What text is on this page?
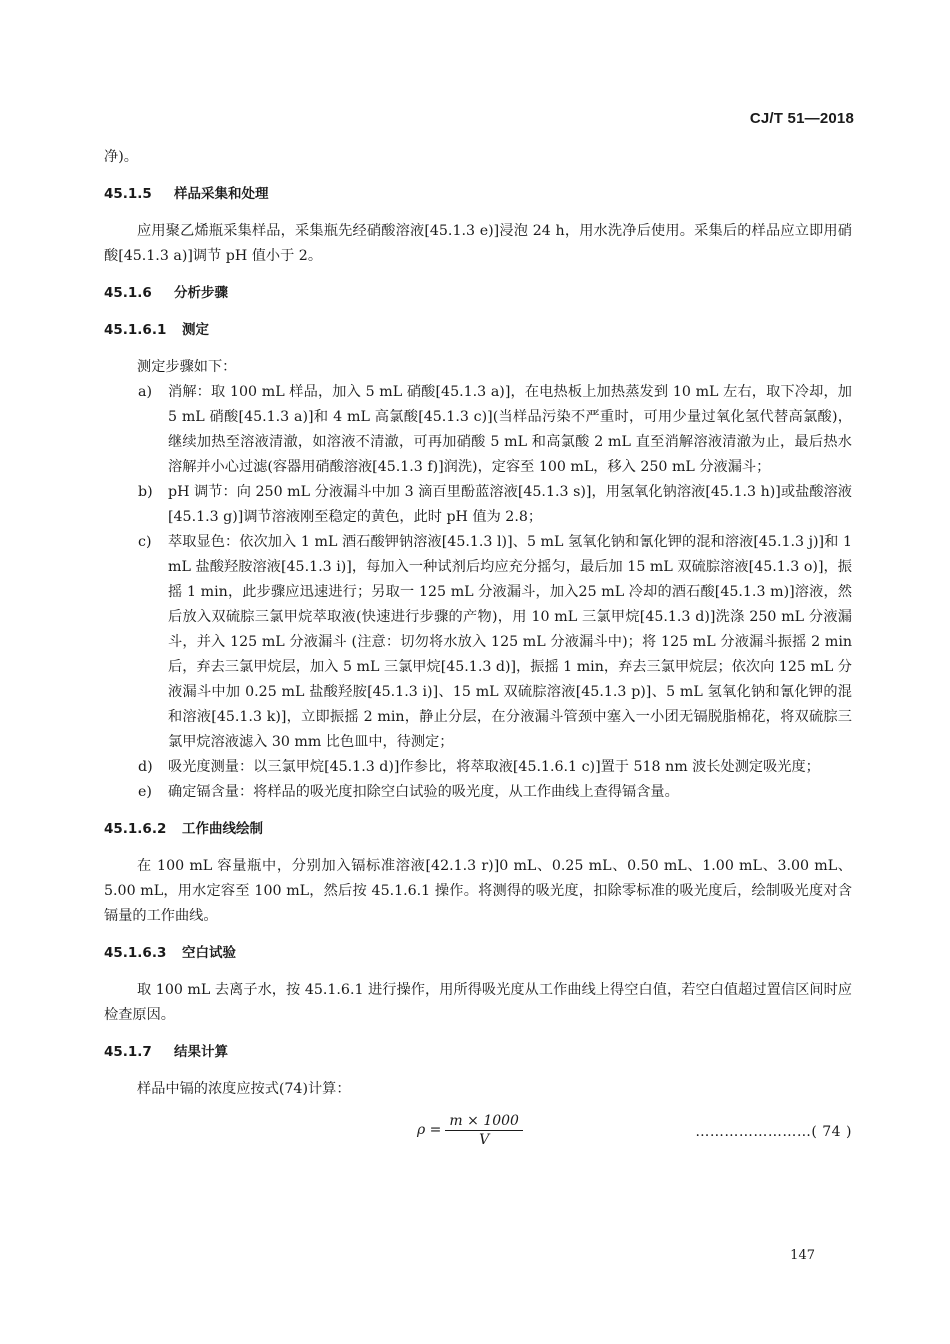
CJ/T 51—2018

净)。

45.1.5 样品采集和处理

应用聚乙烯瓶采集样品，采集瓶先经硝酸溶液[45.1.3 e)]浸泡 24 h，用水洗净后使用。采集后的样品应立即用硝酸[45.1.3 a)]调节 pH 值小于 2。

45.1.6 分析步骤

45.1.6.1 测定

测定步骤如下：

a) 消解：取 100 mL 样品，加入 5 mL 硝酸[45.1.3 a)]，在电热板上加热蒸发到 10 mL 左右，取下冷却，加 5 mL 硝酸[45.1.3 a)]和 4 mL 高氯酸[45.1.3 c)](当样品污染不严重时，可用少量过氧化氢代替高氯酸)，继续加热至溶液清澈，如溶液不清澈，可再加硝酸 5 mL 和高氯酸 2 mL 直至消解溶液清澈为止，最后热水溶解并小心过滤(容器用硝酸溶液[45.1.3 f)]润洗)，定容至 100 mL，移入 250 mL 分液漏斗；
b) pH 调节：向 250 mL 分液漏斗中加 3 滴百里酚蓝溶液[45.1.3 s)]，用氢氧化钠溶液[45.1.3 h)]或盐酸溶液[45.1.3 g)]调节溶液刚至稳定的黄色，此时 pH 值为 2.8；
c) 萃取显色：依次加入 1 mL 酒石酸钾钠溶液[45.1.3 l)]、5 mL 氢氧化钠和氰化钾的混和溶液[45.1.3 j)]和 1 mL 盐酸羟胺溶液[45.1.3 i)]，每加入一种试剂后均应充分摇匀，最后加 15 mL 双硫腙溶液[45.1.3 o)]，振摇 1 min，此步骤应迅速进行；另取一 125 mL 分液漏斗，加入25 mL 冷却的酒石酸[45.1.3 m)]溶液，然后放入双硫腙三氯甲烷萃取液(快速进行步骤的产物)，用 10 mL 三氯甲烷[45.1.3 d)]洗涤 250 mL 分液漏斗，并入 125 mL 分液漏斗 (注意：切勿将水放入 125 mL 分液漏斗中)；将 125 mL 分液漏斗振摇 2 min 后，弃去三氯甲烷层，加入 5 mL 三氯甲烷[45.1.3 d)]，振摇 1 min，弃去三氯甲烷层；依次向 125 mL 分液漏斗中加 0.25 mL 盐酸羟胺[45.1.3 i)]、15 mL 双硫腙溶液[45.1.3 p)]、5 mL 氢氧化钠和氰化钾的混和溶液[45.1.3 k)]，立即振摇 2 min，静止分层，在分液漏斗管颈中塞入一小团无镉脱脂棉花，将双硫腙三氯甲烷溶液滤入 30 mm 比色皿中，待测定；
d) 吸光度测量：以三氯甲烷[45.1.3 d)]作参比，将萃取液[45.1.6.1 c)]置于 518 nm 波长处测定吸光度；
e) 确定镉含量：将样品的吸光度扣除空白试验的吸光度，从工作曲线上查得镉含量。

45.1.6.2 工作曲线绘制

在 100 mL 容量瓶中，分别加入镉标准溶液[42.1.3 r)]0 mL、0.25 mL、0.50 mL、1.00 mL、3.00 mL、5.00 mL，用水定容至 100 mL，然后按 45.1.6.1 操作。将测得的吸光度，扣除零标准的吸光度后，绘制吸光度对含镉量的工作曲线。

45.1.6.3 空白试验

取 100 mL 去离子水，按 45.1.6.1 进行操作，用所得吸光度从工作曲线上得空白值，若空白值超过置信区间时应检查原因。

45.1.7 结果计算

样品中镉的浓度应按式(74)计算：

$\rho = \frac{m \times 1000}{V}$	……………………( 74 )
147
